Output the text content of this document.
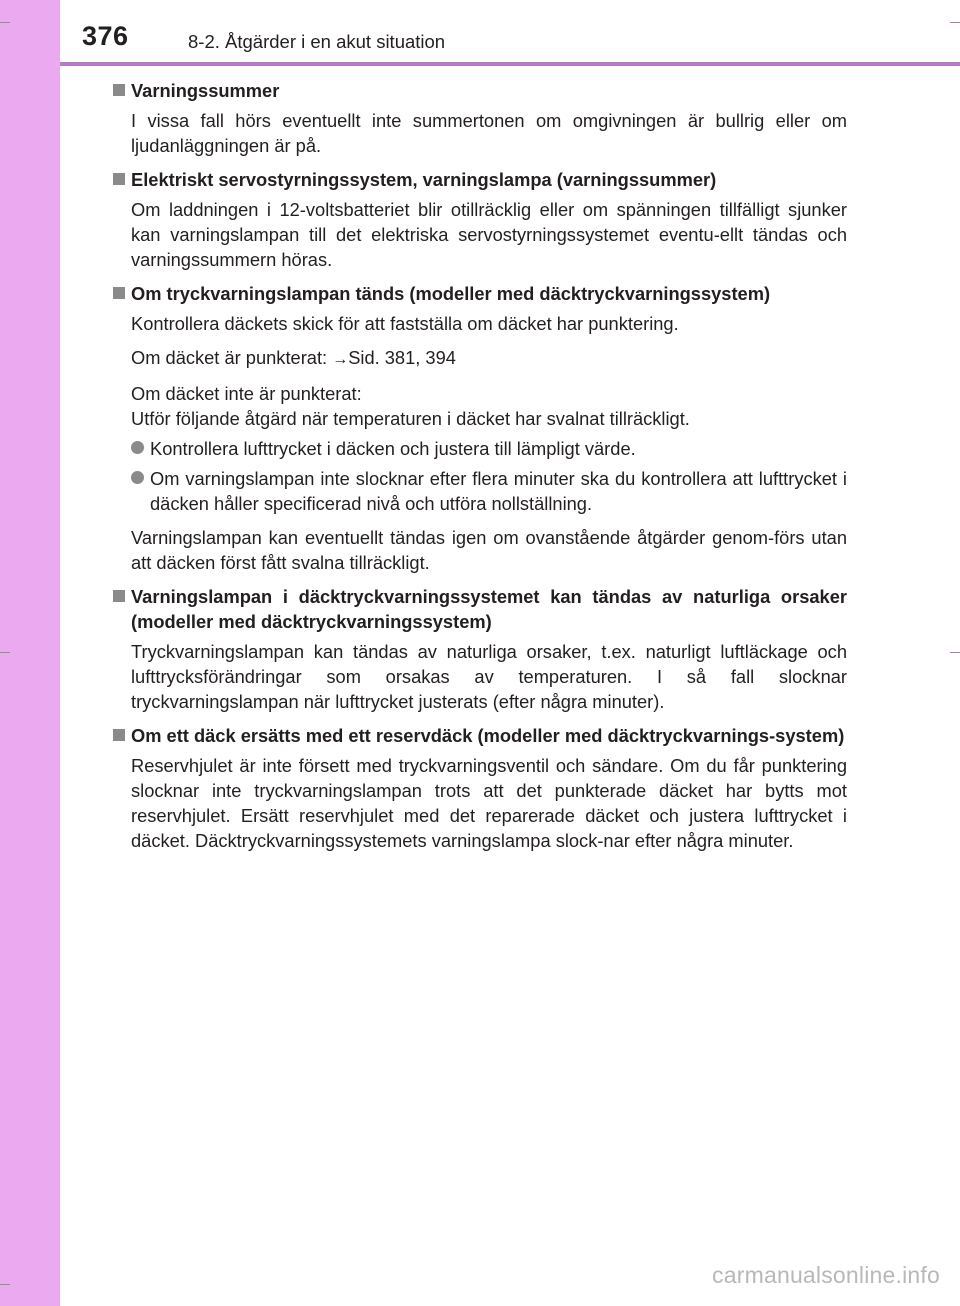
376	8-2. Åtgärder i en akut situation
Varningssummer
I vissa fall hörs eventuellt inte summertonen om omgivningen är bullrig eller om ljudanläggningen är på.
Elektriskt servostyrningssystem, varningslampa (varningssummer)
Om laddningen i 12-voltsbatteriet blir otillräcklig eller om spänningen tillfälligt sjunker kan varningslampan till det elektriska servostyrningssystemet eventu-ellt tändas och varningssummern höras.
Om tryckvarningslampan tänds (modeller med däcktryckvarningssystem)
Kontrollera däckets skick för att fastställa om däcket har punktering.
Om däcket är punkterat: →Sid. 381, 394
Om däcket inte är punkterat:
Utför följande åtgärd när temperaturen i däcket har svalnat tillräckligt.
Kontrollera lufttrycket i däcken och justera till lämpligt värde.
Om varningslampan inte slocknar efter flera minuter ska du kontrollera att lufttrycket i däcken håller specificerad nivå och utföra nollställning.
Varningslampan kan eventuellt tändas igen om ovanstående åtgärder genom-förs utan att däcken först fått svalna tillräckligt.
Varningslampan i däcktryckvarningssystemet kan tändas av naturliga orsaker (modeller med däcktryckvarningssystem)
Tryckvarningslampan kan tändas av naturliga orsaker, t.ex. naturligt luftläckage och lufttrycksförändringar som orsakas av temperaturen. I så fall slocknar tryckvarningslampan när lufttrycket justerats (efter några minuter).
Om ett däck ersätts med ett reservdäck (modeller med däcktryckvarnings-system)
Reservhjulet är inte försett med tryckvarningsventil och sändare. Om du får punktering slocknar inte tryckvarningslampan trots att det punkterade däcket har bytts mot reservhjulet. Ersätt reservhjulet med det reparerade däcket och justera lufttrycket i däcket. Däcktryckvarningssystemets varningslampa slock-nar efter några minuter.
carmanualsonline.info
